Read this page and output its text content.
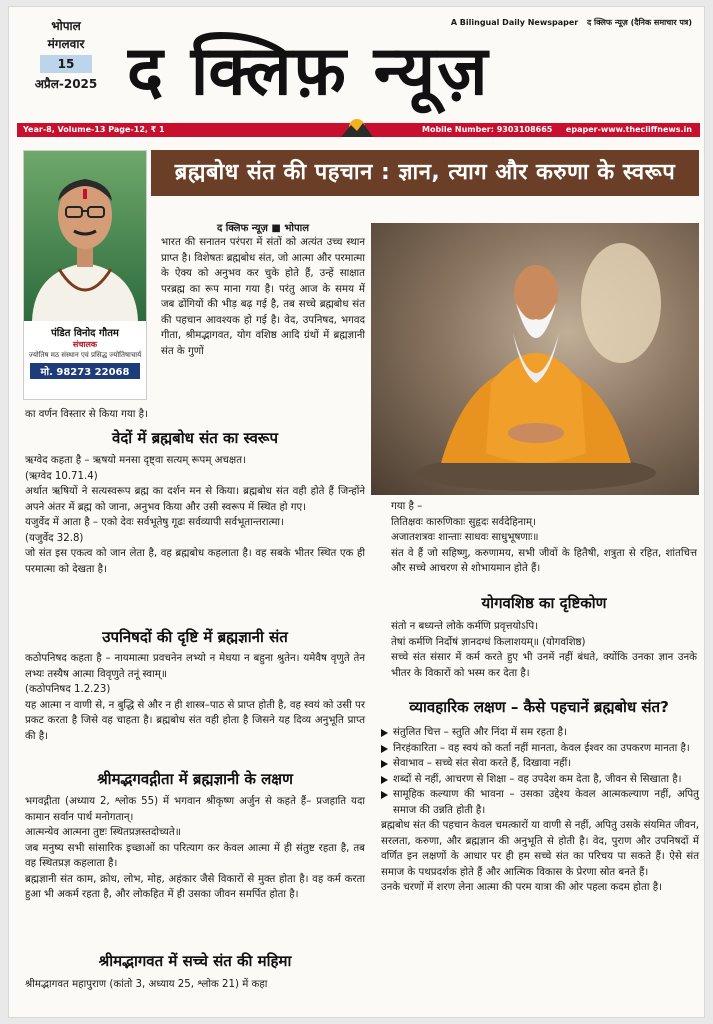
भोपाल
मंगलवार
15
अप्रैल-2025
A Bilingual Daily Newspaper द क्लिफ न्यूज़ (दैनिक समाचार पत्र)
द क्लिफ़ न्यूज़
Year-8, Volume-13 Page-12, ₹ 1	Mobile Number: 9303108665 epaper-www.thecliffnews.in
पंडित विनोद गौतम
संचालक
ज्योतिष मठ संस्थान एवं प्रसिद्ध ज्योतिषाचार्य
मो. 98273 22068
ब्रह्मबोध संत की पहचान : ज्ञान, त्याग और करुणा के स्वरूप
द क्लिफ न्यूज़ ■ भोपाल
भारत की सनातन परंपरा में संतों को अत्यंत उच्च स्थान प्राप्त है। विशेषतः ब्रह्मबोध संत, जो आत्मा और परमात्मा के ऐक्य को अनुभव कर चुके होते हैं, उन्हें साक्षात परब्रह्म का रूप माना गया है। परंतु आज के समय में जब ढोंगियों की भीड़ बढ़ गई है, तब सच्चे ब्रह्मबोध संत की पहचान आवश्यक हो गई है। वेद, उपनिषद, भगवद गीता, श्रीमद्भागवत, योग वशिष्ठ आदि ग्रंथों में ब्रह्मज्ञानी संत के गुणों
का वर्णन विस्तार से किया गया है।
वेदों में ब्रह्मबोध संत का स्वरूप
ऋग्वेद कहता है – ऋषयो मनसा दृष्ट्वा सत्यम् रूपम् अचक्षत।
(ऋग्वेद 10.71.4)
अर्थात ऋषियों ने सत्यस्वरूप ब्रह्म का दर्शन मन से किया। ब्रह्मबोध संत वही होते हैं जिन्होंने अपने अंतर में ब्रह्म को जाना, अनुभव किया और उसी स्वरूप में स्थित हो गए।
यजुर्वेद में आता है – एको देवः सर्वभूतेषु गूढः सर्वव्यापी सर्वभूतान्तरात्मा।
(यजुर्वेद 32.8)
जो संत इस एकत्व को जान लेता है, वह ब्रह्मबोध कहलाता है। वह सबके भीतर स्थित एक ही परमात्मा को देखता है।
उपनिषदों की दृष्टि में ब्रह्मज्ञानी संत
कठोपनिषद कहता है – नायमात्मा प्रवचनेन लभ्यो न मेधया न बहुना श्रुतेन। यमेवैष वृणुते तेन लभ्यः तस्यैष आत्मा विवृणुते तनूं स्वाम्॥
(कठोपनिषद 1.2.23)
यह आत्मा न वाणी से, न बुद्धि से और न ही शास्त्र–पाठ से प्राप्त होती है, वह स्वयं को उसी पर प्रकट करता है जिसे वह चाहता है। ब्रह्मबोध संत वही होता है जिसने यह दिव्य अनुभूति प्राप्त की है।
श्रीमद्भगवद्गीता में ब्रह्मज्ञानी के लक्षण
भगवद्गीता (अध्याय 2, श्लोक 55) में भगवान श्रीकृष्ण अर्जुन से कहते हैं– प्रजहाति यदा कामान सर्वान पार्थ मनोगतान्।
आत्मन्येव आत्मना तुष्टः स्थितप्रज्ञस्तदोच्यते॥
जब मनुष्य सभी सांसारिक इच्छाओं का परित्याग कर केवल आत्मा में ही संतुष्ट रहता है, तब वह स्थितप्रज्ञ कहलाता है।
ब्रह्मज्ञानी संत काम, क्रोध, लोभ, मोह, अहंकार जैसे विकारों से मुक्त होता है। वह कर्म करता हुआ भी अकर्म रहता है, और लोकहित में ही उसका जीवन समर्पित होता है।
श्रीमद्भागवत में सच्चे संत की महिमा
श्रीमद्भागवत महापुराण (कांतो 3, अध्याय 25, श्लोक 21) में कहा
गया है –
तितिक्षवः कारुणिकाः सुहृदः सर्वदेहिनाम्।
अजातशत्रवः शान्ताः साधवः साधुभूषणाः॥
संत वे हैं जो सहिष्णु, करुणामय, सभी जीवों के हितैषी, शत्रुता से रहित, शांतचित्त और सच्चे आचरण से शोभायमान होते हैं।
योगवशिष्ठ का दृष्टिकोण
संतो न बध्यन्ते लोके कर्मणि प्रवृत्तयोऽपि।
तेषां कर्मणि निर्दोषं ज्ञानदग्धं किलाशयम्॥ (योगवशिष्ठ)
सच्चे संत संसार में कर्म करते हुए भी उनमें नहीं बंधते, क्योंकि उनका ज्ञान उनके भीतर के विकारों को भस्म कर देता है।
व्यावहारिक लक्षण – कैसे पहचानें ब्रह्मबोध संत?
संतुलित चित्त – स्तुति और निंदा में सम रहता है।
निरहंकारिता – वह स्वयं को कर्ता नहीं मानता, केवल ईश्वर का उपकरण मानता है।
सेवाभाव – सच्चे संत सेवा करते हैं, दिखावा नहीं।
शब्दों से नहीं, आचरण से शिक्षा – वह उपदेश कम देता है, जीवन से सिखाता है।
सामूहिक कल्याण की भावना – उसका उद्देश्य केवल आत्मकल्याण नहीं, अपितु समाज की उन्नति होती है।
ब्रह्मबोध संत की पहचान केवल चमत्कारों या वाणी से नहीं, अपितु उसके संयमित जीवन, सरलता, करुणा, और ब्रह्मज्ञान की अनुभूति से होती है। वेद, पुराण और उपनिषदों में वर्णित इन लक्षणों के आधार पर ही हम सच्चे संत का परिचय पा सकते हैं। ऐसे संत समाज के पथप्रदर्शक होते हैं और आत्मिक विकास के प्रेरणा स्रोत बनते हैं।
उनके चरणों में शरण लेना आत्मा की परम यात्रा की ओर पहला कदम होता है।
